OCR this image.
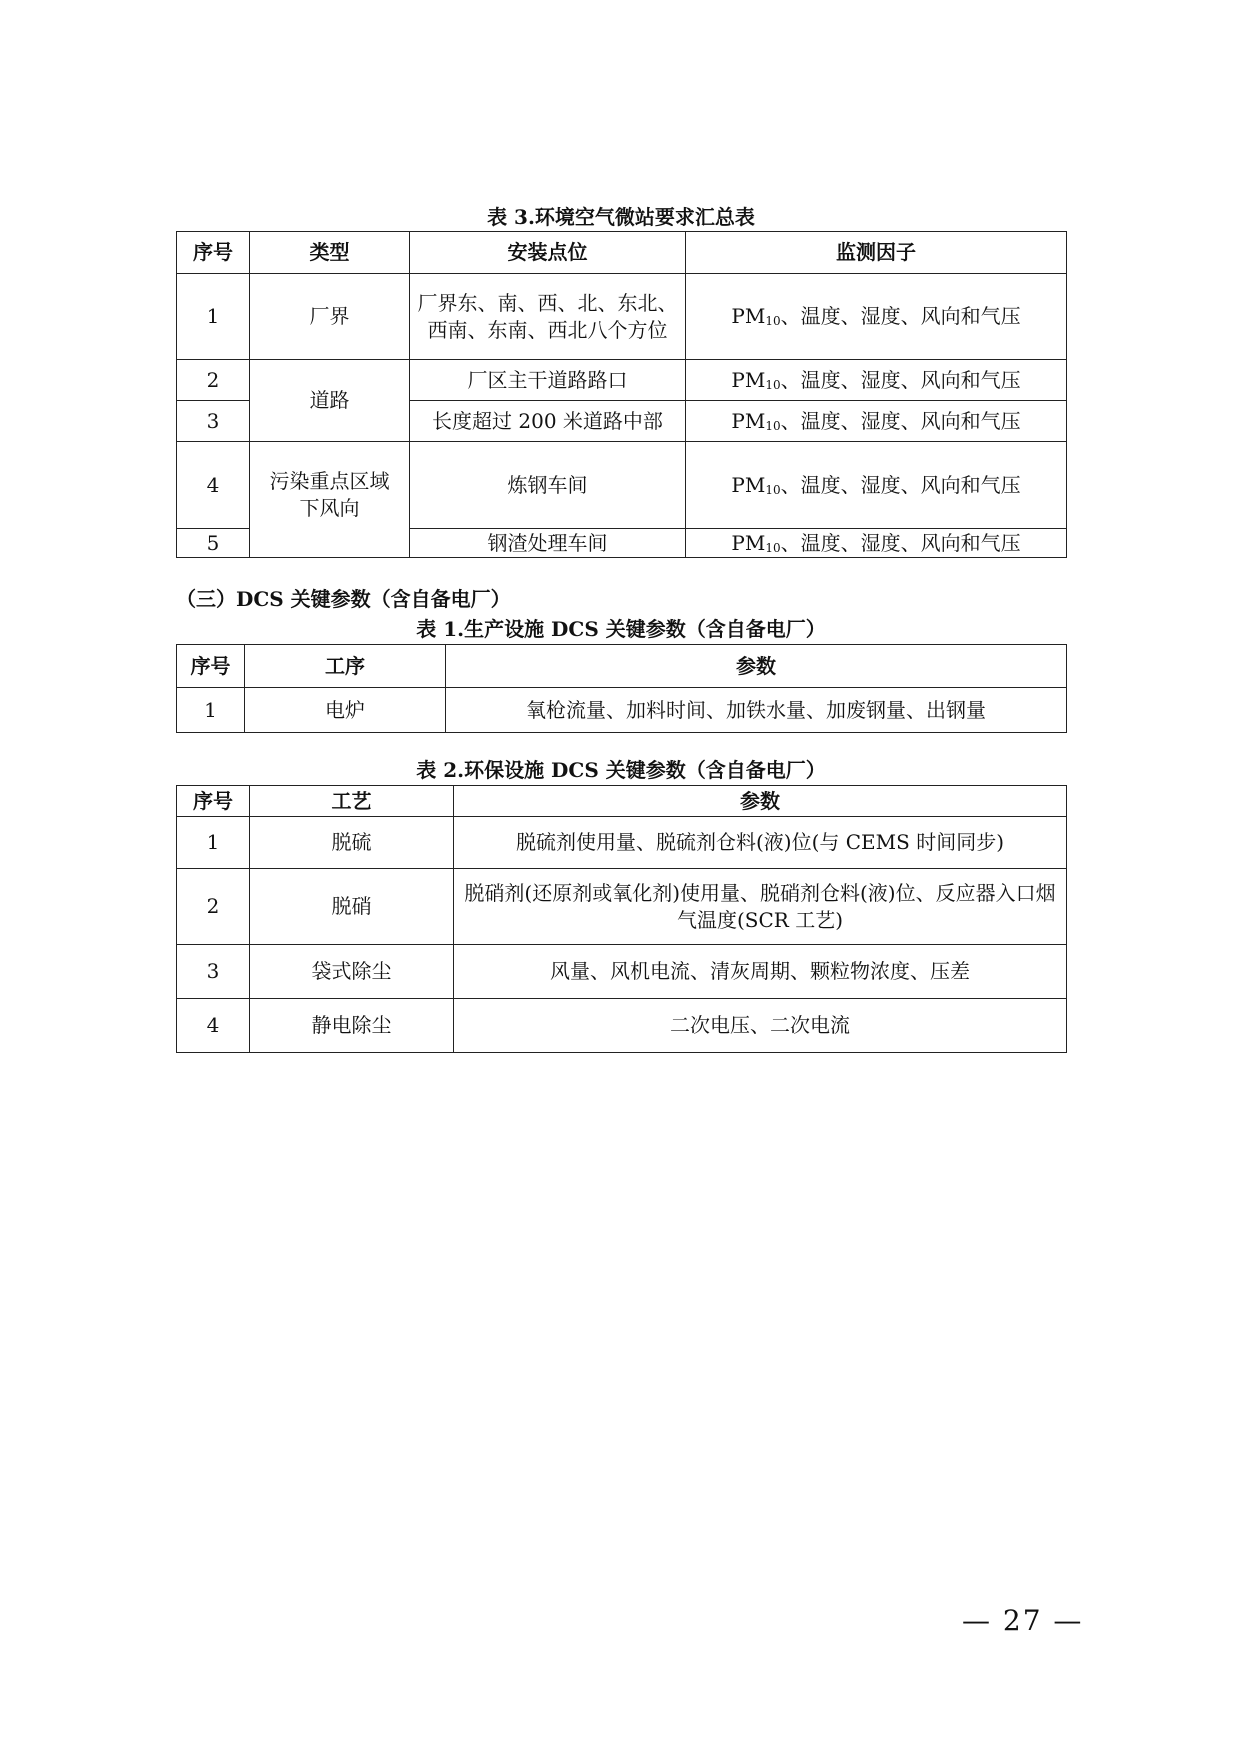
表 3.环境空气微站要求汇总表
序号	类型	安装点位	监测因子
1	厂界	厂界东、南、西、北、东北、西南、东南、西北八个方位	$PM_{10}$、温度、湿度、风向和气压
2	道路	厂区主干道路路口	$PM_{10}$、温度、湿度、风向和气压
3		长度超过 200 米道路中部	$PM_{10}$、温度、湿度、风向和气压
4	污染重点区域下风向	炼钢车间	$PM_{10}$、温度、湿度、风向和气压
5		钢渣处理车间	$PM_{10}$、温度、湿度、风向和气压
（三）DCS 关键参数（含自备电厂）
表 1.生产设施 DCS 关键参数（含自备电厂）
序号	工序	参数
1	电炉	氧枪流量、加料时间、加铁水量、加废钢量、出钢量
表 2.环保设施 DCS 关键参数（含自备电厂）
序号	工艺	参数
1	脱硫	脱硫剂使用量、脱硫剂仓料(液)位(与 CEMS 时间同步)
2	脱硝	脱硝剂(还原剂或氧化剂)使用量、脱硝剂仓料(液)位、反应器入口烟气温度(SCR 工艺)
3	袋式除尘	风量、风机电流、清灰周期、颗粒物浓度、压差
4	静电除尘	二次电压、二次电流
— 27 —
